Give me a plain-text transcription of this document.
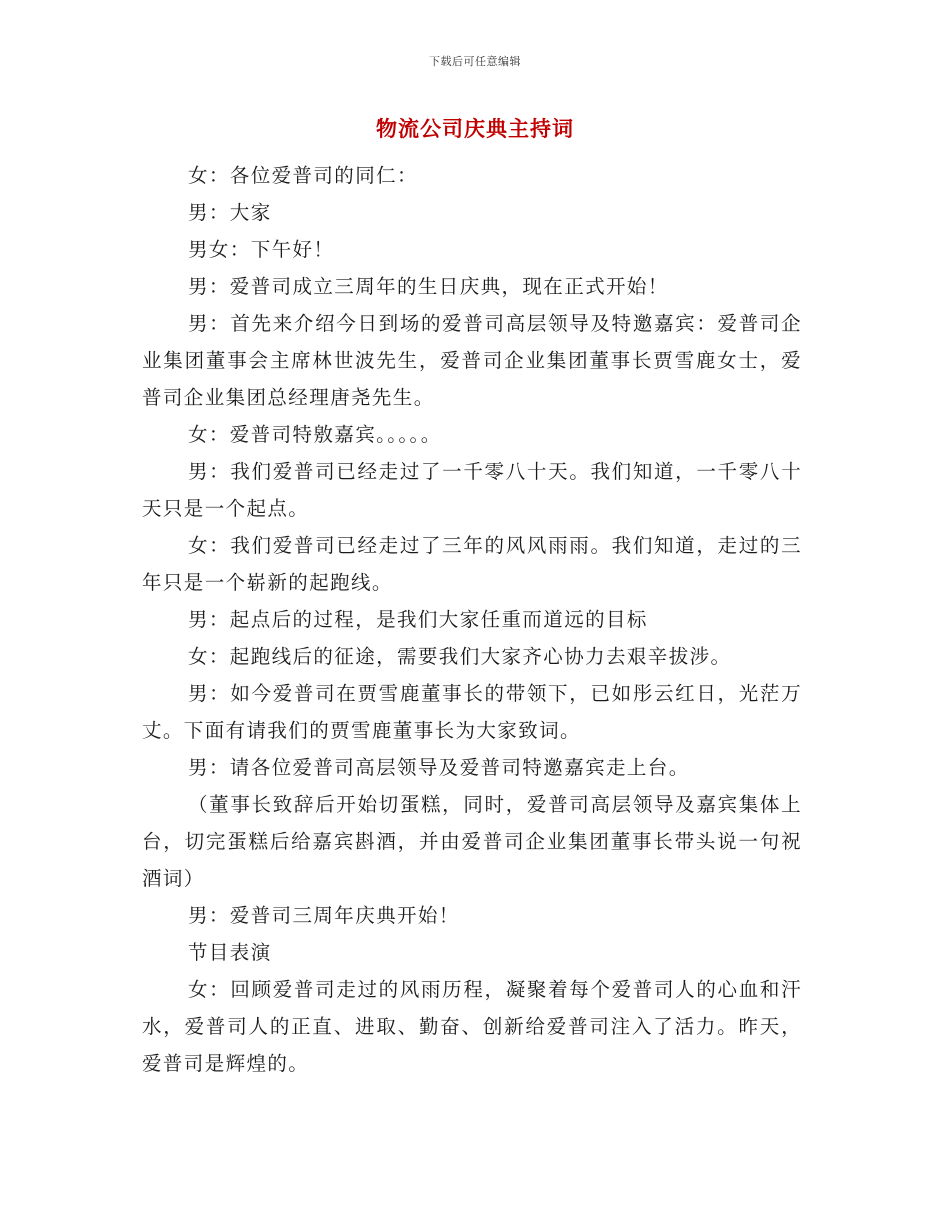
下载后可任意编辑
物流公司庆典主持词

女：各位爱普司的同仁：

男：大家

男女：下午好！

男：爱普司成立三周年的生日庆典，现在正式开始！

男：首先来介绍今日到场的爱普司高层领导及特邀嘉宾：爱普司企业集团董事会主席林世波先生，爱普司企业集团董事长贾雪鹿女士，爱普司企业集团总经理唐尧先生。

女：爱普司特敫嘉宾。。。。。

男：我们爱普司已经走过了一千零八十天。我们知道，一千零八十天只是一个起点。

女：我们爱普司已经走过了三年的风风雨雨。我们知道，走过的三年只是一个崭新的起跑线。

男：起点后的过程，是我们大家任重而道远的目标

女：起跑线后的征途，需要我们大家齐心协力去艰辛拔涉。

男：如今爱普司在贾雪鹿董事长的带领下，已如彤云红日，光茫万丈。下面有请我们的贾雪鹿董事长为大家致词。

男：请各位爱普司高层领导及爱普司特邀嘉宾走上台。

（董事长致辞后开始切蛋糕，同时，爱普司高层领导及嘉宾集体上台，切完蛋糕后给嘉宾斟酒，并由爱普司企业集团董事长带头说一句祝酒词）

男：爱普司三周年庆典开始！

节目表演

女：回顾爱普司走过的风雨历程，凝聚着每个爱普司人的心血和汗水，爱普司人的正直、进取、勤奋、创新给爱普司注入了活力。昨天，爱普司是辉煌的。
